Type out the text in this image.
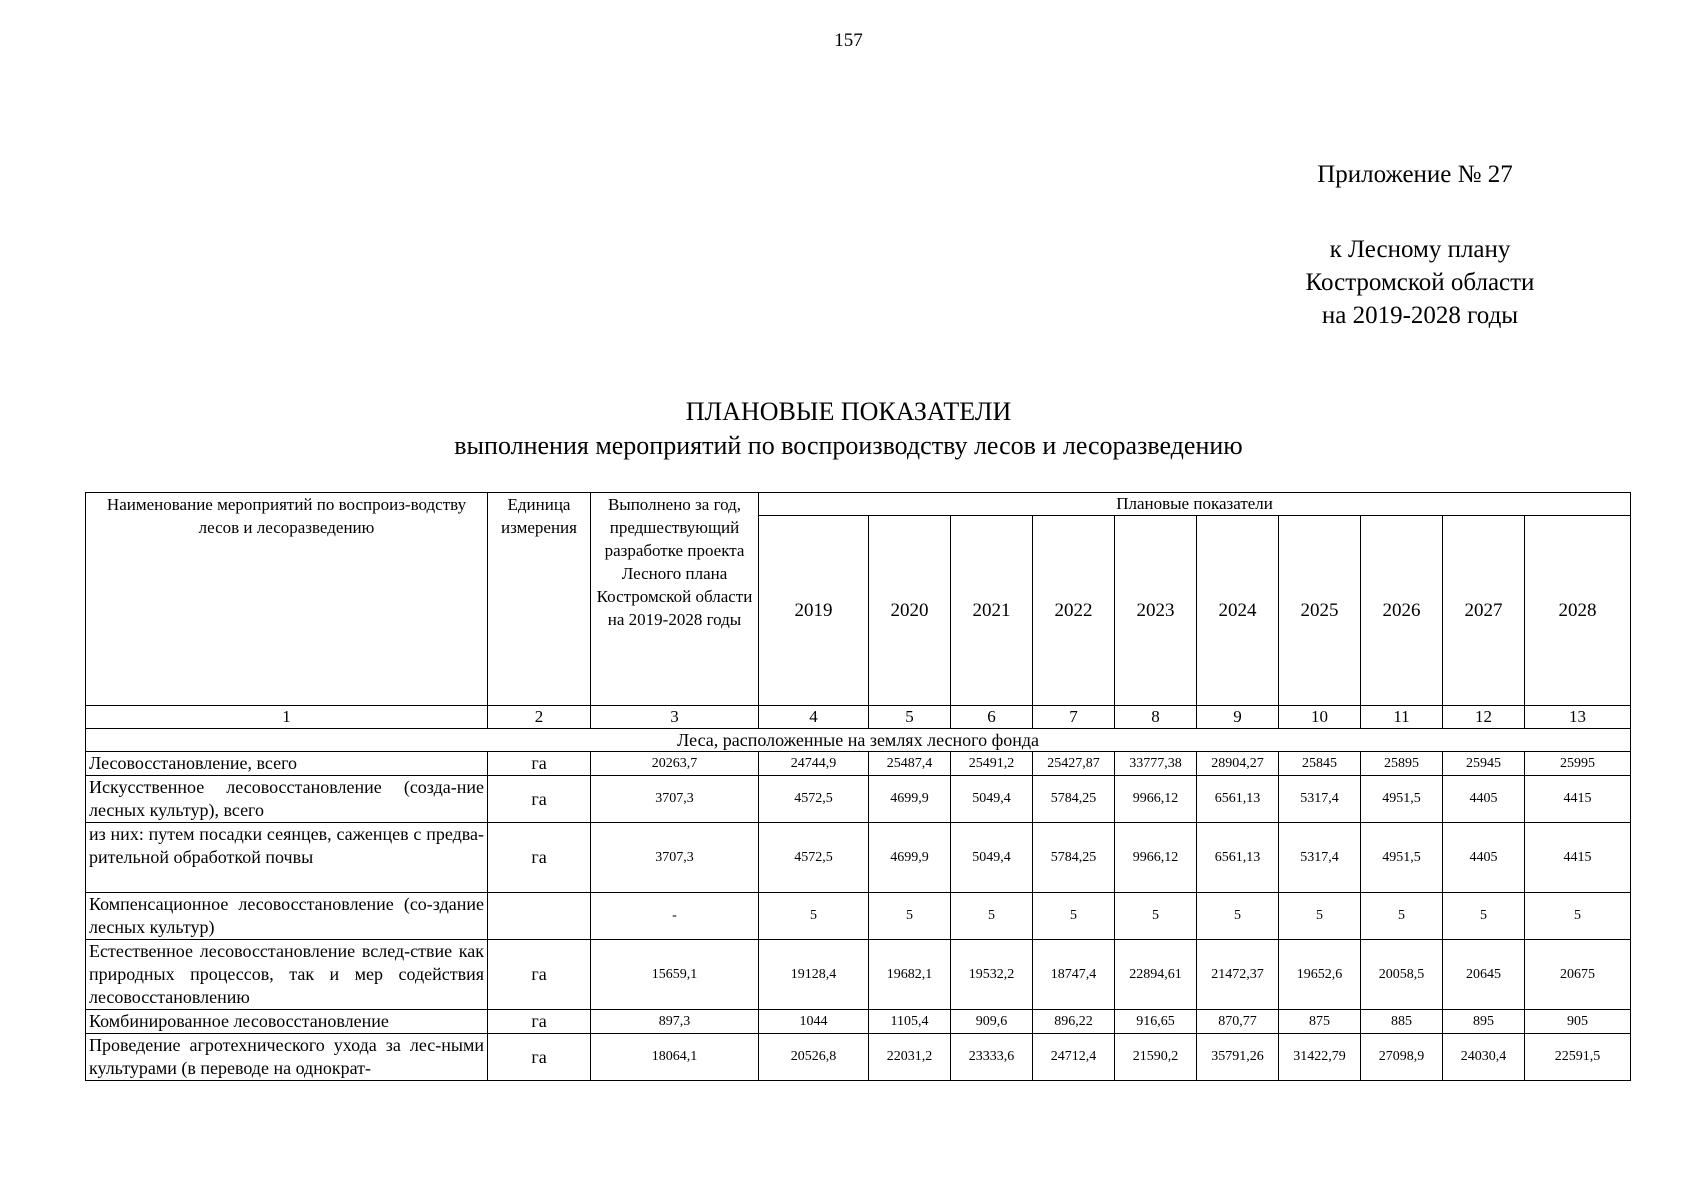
157
Приложение № 27
к Лесному плану
Костромской области
на 2019-2028 годы
ПЛАНОВЫЕ ПОКАЗАТЕЛИ
выполнения мероприятий по воспроизводству лесов и лесоразведению
Наименование мероприятий по воспроиз-водству лесов и лесоразведению	Единица измерения	Выполнено за год, предшествующий разработке проекта Лесного плана Костромской области на 2019-2028 годы	Плановые показатели									
			2019	2020	2021	2022	2023	2024	2025	2026	2027	2028
1	2	3	4	5	6	7	8	9	10	11	12	13
Леса, расположенные на землях лесного фонда												
Лесовосстановление, всего	га	20263,7	24744,9	25487,4	25491,2	25427,87	33777,38	28904,27	25845	25895	25945	25995
Искусственное лесовосстановление (созда-ние лесных культур), всего	га	3707,3	4572,5	4699,9	5049,4	5784,25	9966,12	6561,13	5317,4	4951,5	4405	4415
из них: путем посадки сеянцев, саженцев с предва-рительной обработкой почвы	га	3707,3	4572,5	4699,9	5049,4	5784,25	9966,12	6561,13	5317,4	4951,5	4405	4415
Компенсационное лесовосстановление (со-здание лесных культур)		-	5	5	5	5	5	5	5	5	5	5
Естественное лесовосстановление вслед-ствие как природных процессов, так и мер содействия лесовосстановлению	га	15659,1	19128,4	19682,1	19532,2	18747,4	22894,61	21472,37	19652,6	20058,5	20645	20675
Комбинированное лесовосстановление	га	897,3	1044	1105,4	909,6	896,22	916,65	870,77	875	885	895	905
Проведение агротехнического ухода за лес-ными культурами (в переводе на однократ-	га	18064,1	20526,8	22031,2	23333,6	24712,4	21590,2	35791,26	31422,79	27098,9	24030,4	22591,5
